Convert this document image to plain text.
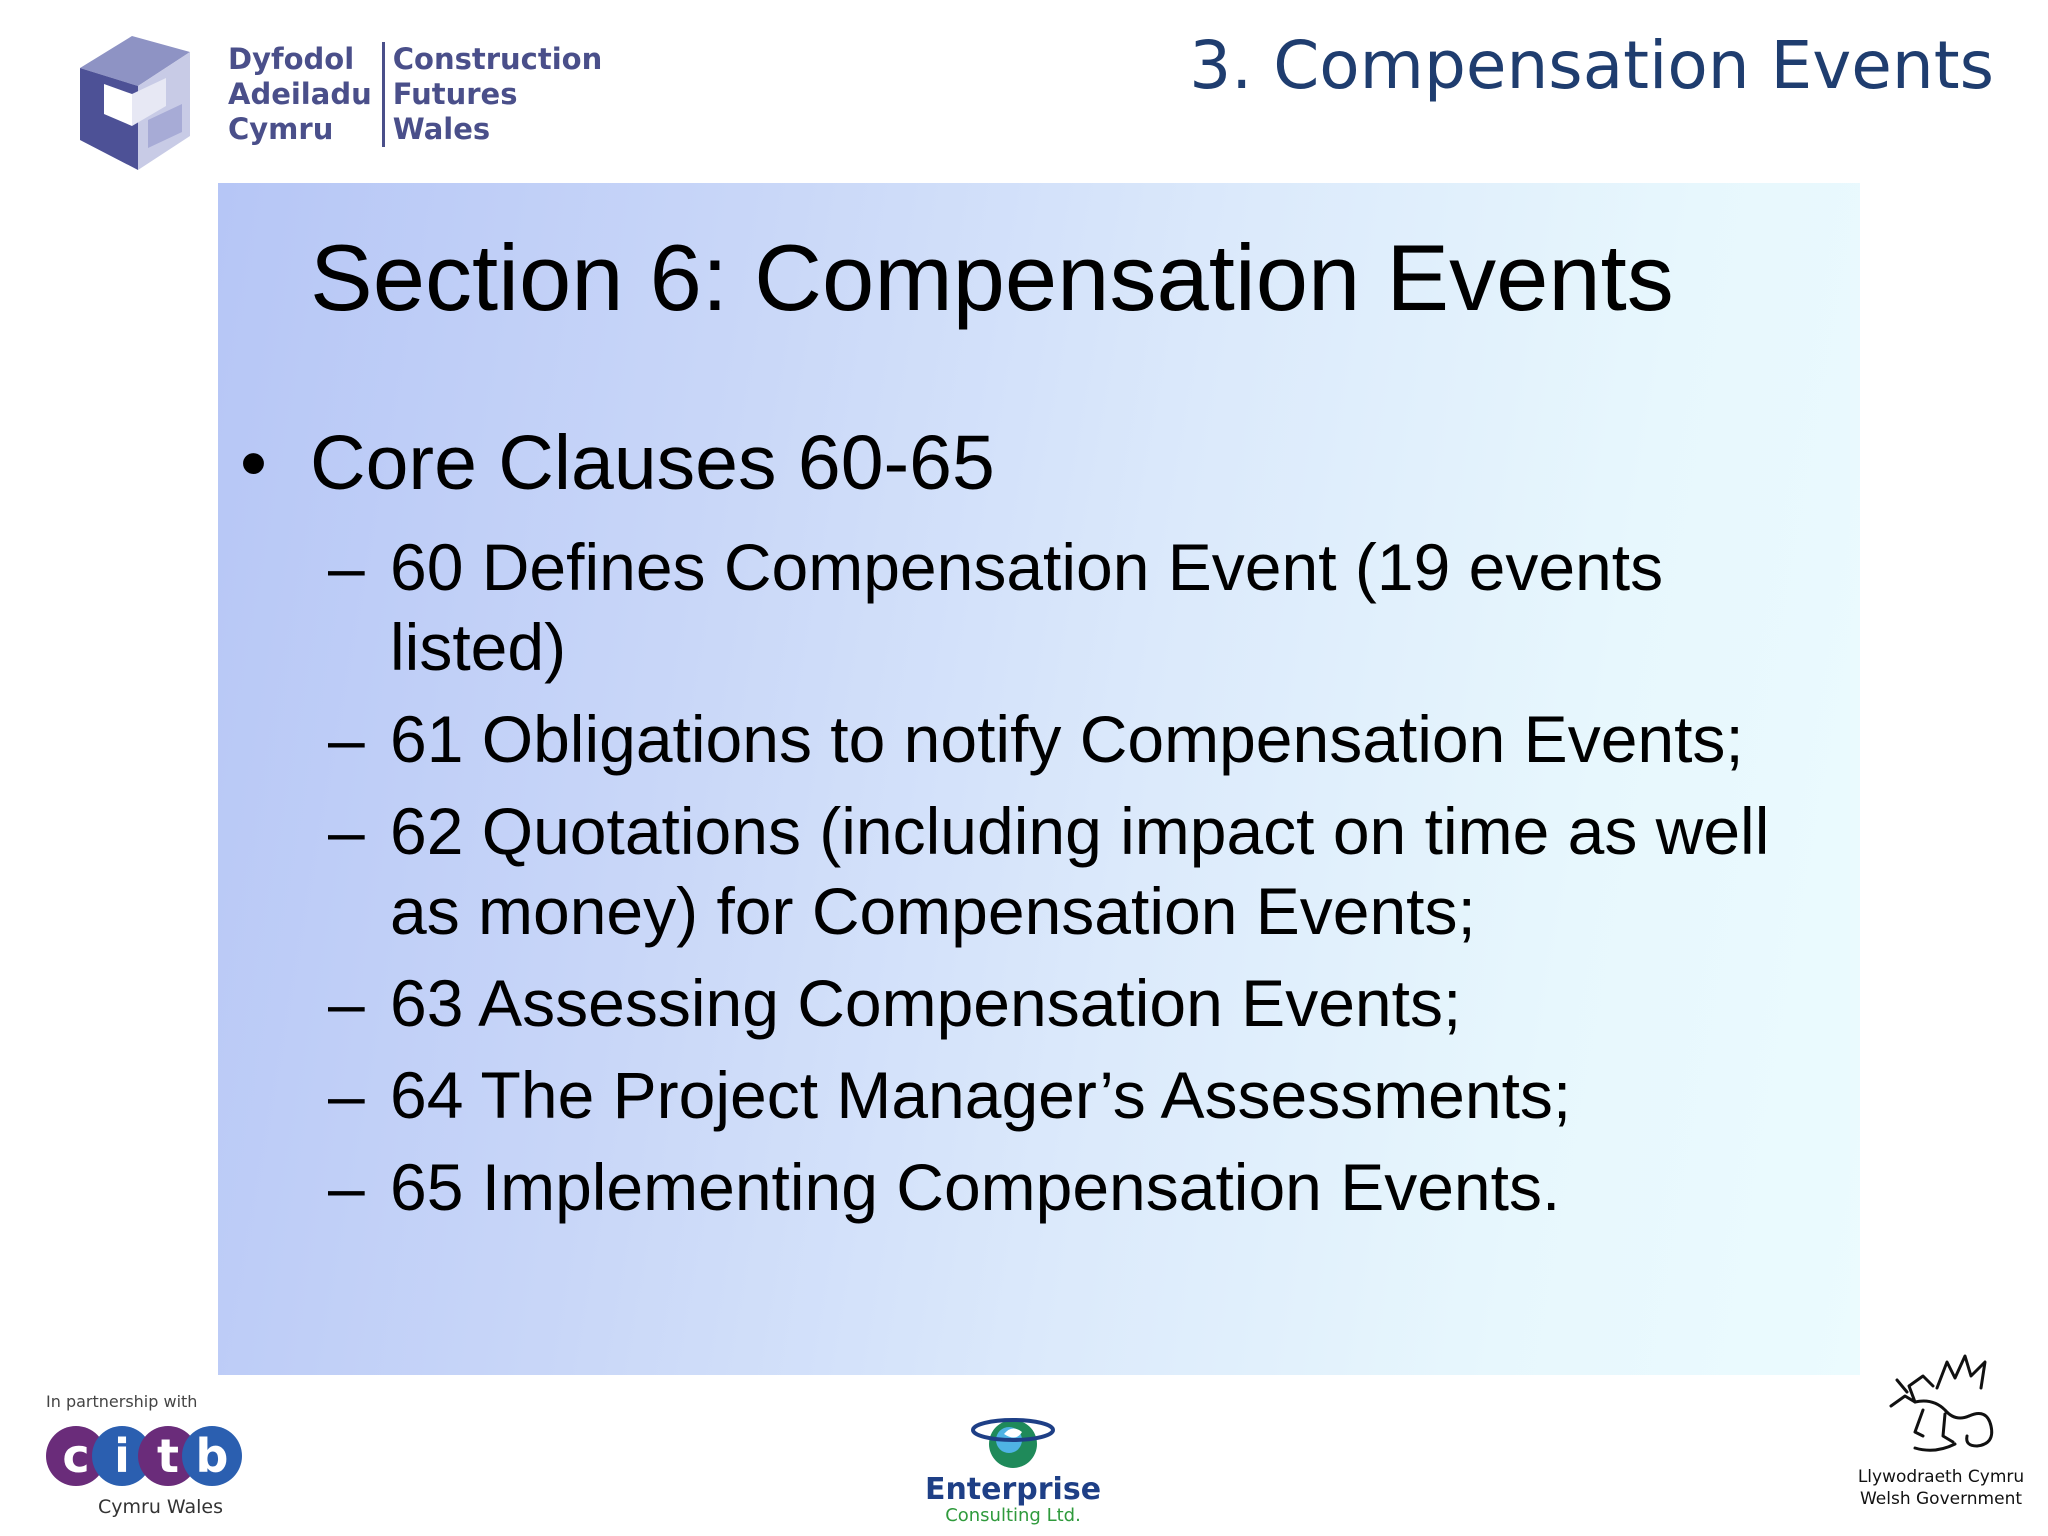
Dyfodol
Adeiladu
Cymru
Construction
Futures
Wales
3. Compensation Events
Section 6: Compensation Events
• Core Clauses 60-65
– 60 Defines Compensation Event (19 events listed)
– 61 Obligations to notify Compensation Events;
– 62 Quotations (including impact on time as well as money) for Compensation Events;
– 63 Assessing Compensation Events;
– 64 The Project Manager’s Assessments;
– 65 Implementing Compensation Events.
In partnership with
c i t b
Cymru Wales	Enterprise
Consulting Ltd.
Llywodraeth Cymru
Welsh Government
